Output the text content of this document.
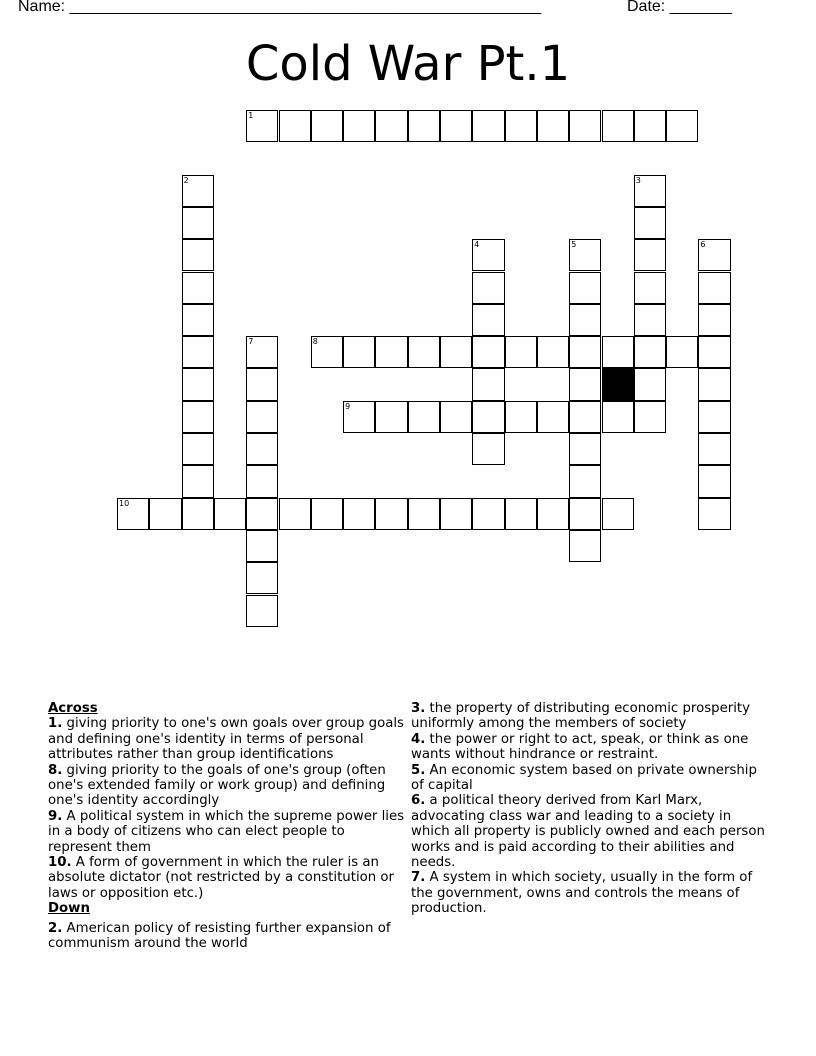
Name: _____________________________________________________	Date: _______
Cold War Pt.1
1
2	3
4	5	6
7	8
9
10

Across

1. giving priority to one's own goals over group goals and defining one's identity in terms of personal attributes rather than group identifications

8. giving priority to the goals of one's group (often one's extended family or work group) and defining one's identity accordingly

9. A political system in which the supreme power lies in a body of citizens who can elect people to represent them

10. A form of government in which the ruler is an absolute dictator (not restricted by a constitution or laws or opposition etc.)

Down

2. American policy of resisting further expansion of communism around the world

3. the property of distributing economic prosperity uniformly among the members of society

4. the power or right to act, speak, or think as one wants without hindrance or restraint.

5. An economic system based on private ownership of capital

6. a political theory derived from Karl Marx, advocating class war and leading to a society in which all property is publicly owned and each person works and is paid according to their abilities and needs.

7. A system in which society, usually in the form of the government, owns and controls the means of production.
